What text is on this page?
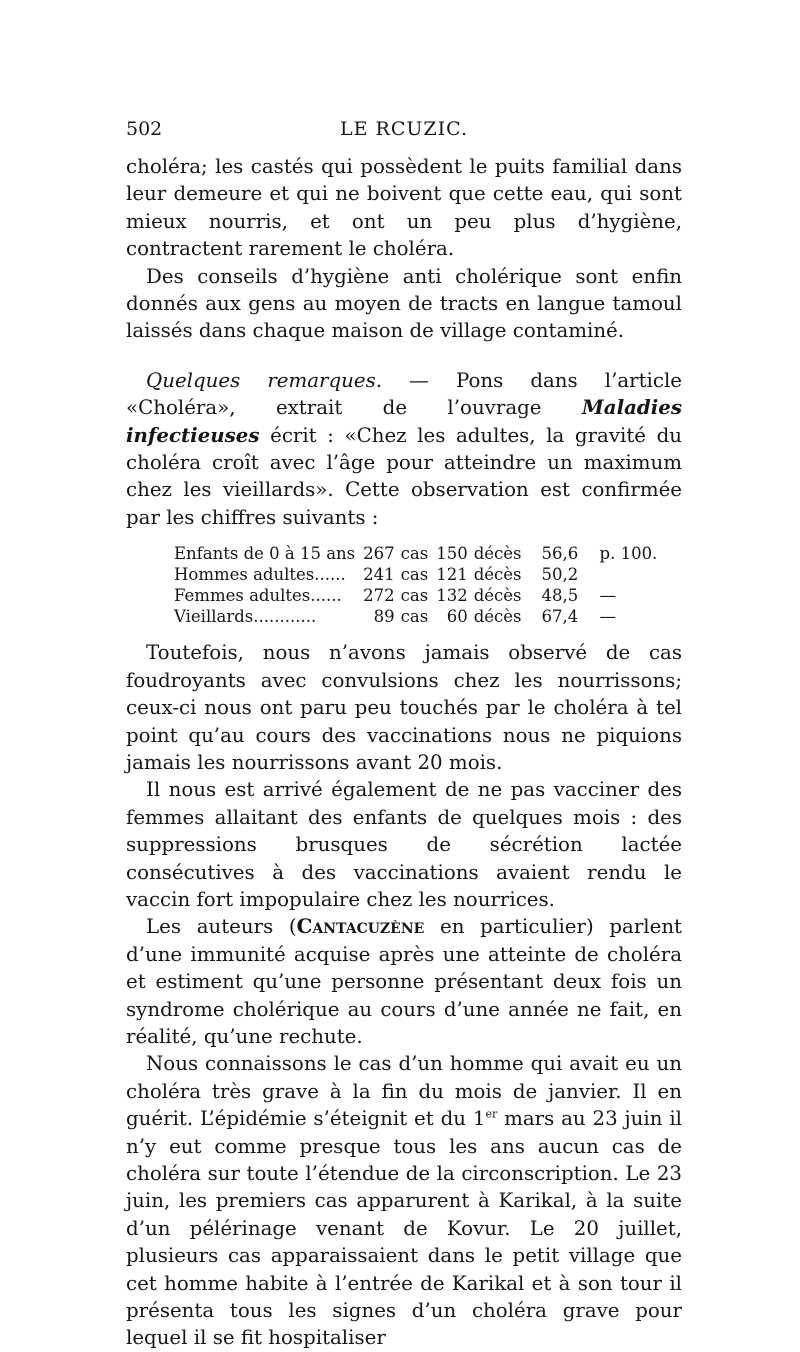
502	LE RCUZIC.

choléra; les castés qui possèdent le puits familial dans leur demeure et qui ne boivent que cette eau, qui sont mieux nourris, et ont un peu plus d’hygiène, contractent rarement le choléra.

Des conseils d’hygiène anti cholérique sont enfin donnés aux gens au moyen de tracts en langue tamoul laissés dans chaque maison de village contaminé.

Quelques remarques. — Pons dans l’article «Choléra», extrait de l’ouvrage Maladies infectieuses écrit : «Chez les adultes, la gravité du choléra croît avec l’âge pour atteindre un maximum chez les vieillards». Cette observation est confirmée par les chiffres suivants :

Enfants de 0 à 15 ans	267	cas	150	décès	56,6	p. 100.
Hommes adultes......	241	cas	121	décès	50,2	
Femmes adultes......	272	cas	132	décès	48,5	—
Vieillards............	89	cas	60	décès	67,4	—

Toutefois, nous n’avons jamais observé de cas foudroyants avec convulsions chez les nourrissons; ceux-ci nous ont paru peu touchés par le choléra à tel point qu’au cours des vaccinations nous ne piquions jamais les nourrissons avant 20 mois.

Il nous est arrivé également de ne pas vacciner des femmes allaitant des enfants de quelques mois : des suppressions brusques de sécrétion lactée consécutives à des vaccinations avaient rendu le vaccin fort impopulaire chez les nourrices.

Les auteurs (Cantacuzène en particulier) parlent d’une immunité acquise après une atteinte de choléra et estiment qu’une personne présentant deux fois un syndrome cholérique au cours d’une année ne fait, en réalité, qu’une rechute.

Nous connaissons le cas d’un homme qui avait eu un choléra très grave à la fin du mois de janvier. Il en guérit. L’épidémie s’éteignit et du 1er mars au 23 juin il n’y eut comme presque tous les ans aucun cas de choléra sur toute l’étendue de la circonscription. Le 23 juin, les premiers cas apparurent à Karikal, à la suite d’un pélérinage venant de Kovur. Le 20 juillet, plusieurs cas apparaissaient dans le petit village que cet homme habite à l’entrée de Karikal et à son tour il présenta tous les signes d’un choléra grave pour lequel il se fit hospitaliser
